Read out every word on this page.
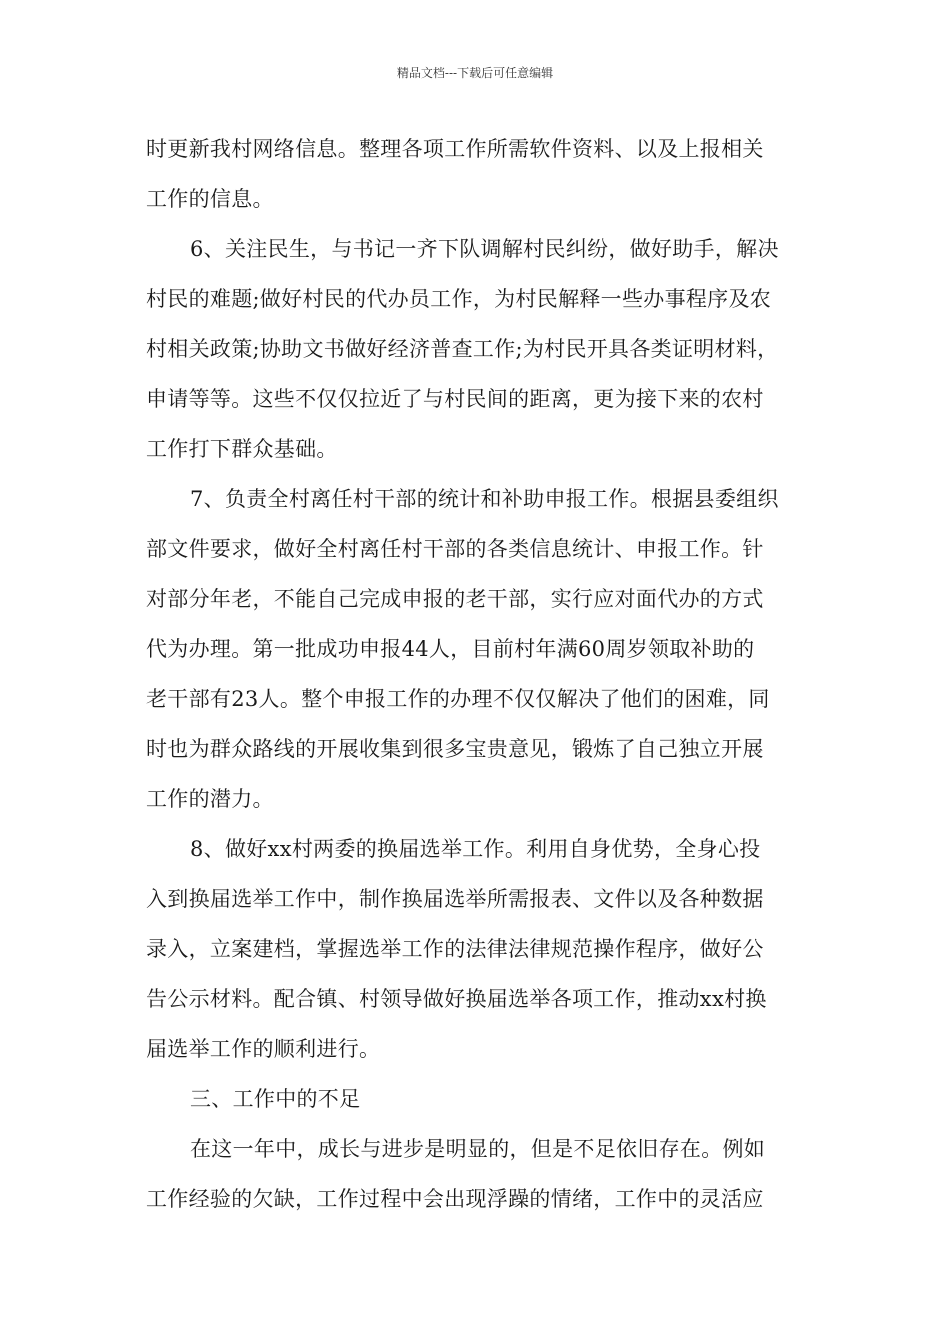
精品文档---下载后可任意编辑
时更新我村网络信息。整理各项工作所需软件资料、以及上报相关
工作的信息。
6、关注民生，与书记一齐下队调解村民纠纷，做好助手，解决
村民的难题;做好村民的代办员工作，为村民解释一些办事程序及农
村相关政策;协助文书做好经济普查工作;为村民开具各类证明材料，
申请等等。这些不仅仅拉近了与村民间的距离，更为接下来的农村
工作打下群众基础。
7、负责全村离任村干部的统计和补助申报工作。根据县委组织
部文件要求，做好全村离任村干部的各类信息统计、申报工作。针
对部分年老，不能自己完成申报的老干部，实行应对面代办的方式
代为办理。第一批成功申报44人，目前村年满60周岁领取补助的
老干部有23人。整个申报工作的办理不仅仅解决了他们的困难，同
时也为群众路线的开展收集到很多宝贵意见，锻炼了自己独立开展
工作的潜力。
8、做好xx村两委的换届选举工作。利用自身优势，全身心投
入到换届选举工作中，制作换届选举所需报表、文件以及各种数据
录入，立案建档，掌握选举工作的法律法律规范操作程序，做好公
告公示材料。配合镇、村领导做好换届选举各项工作，推动xx村换
届选举工作的顺利进行。
三、工作中的不足
在这一年中，成长与进步是明显的，但是不足依旧存在。例如
工作经验的欠缺，工作过程中会出现浮躁的情绪，工作中的灵活应
